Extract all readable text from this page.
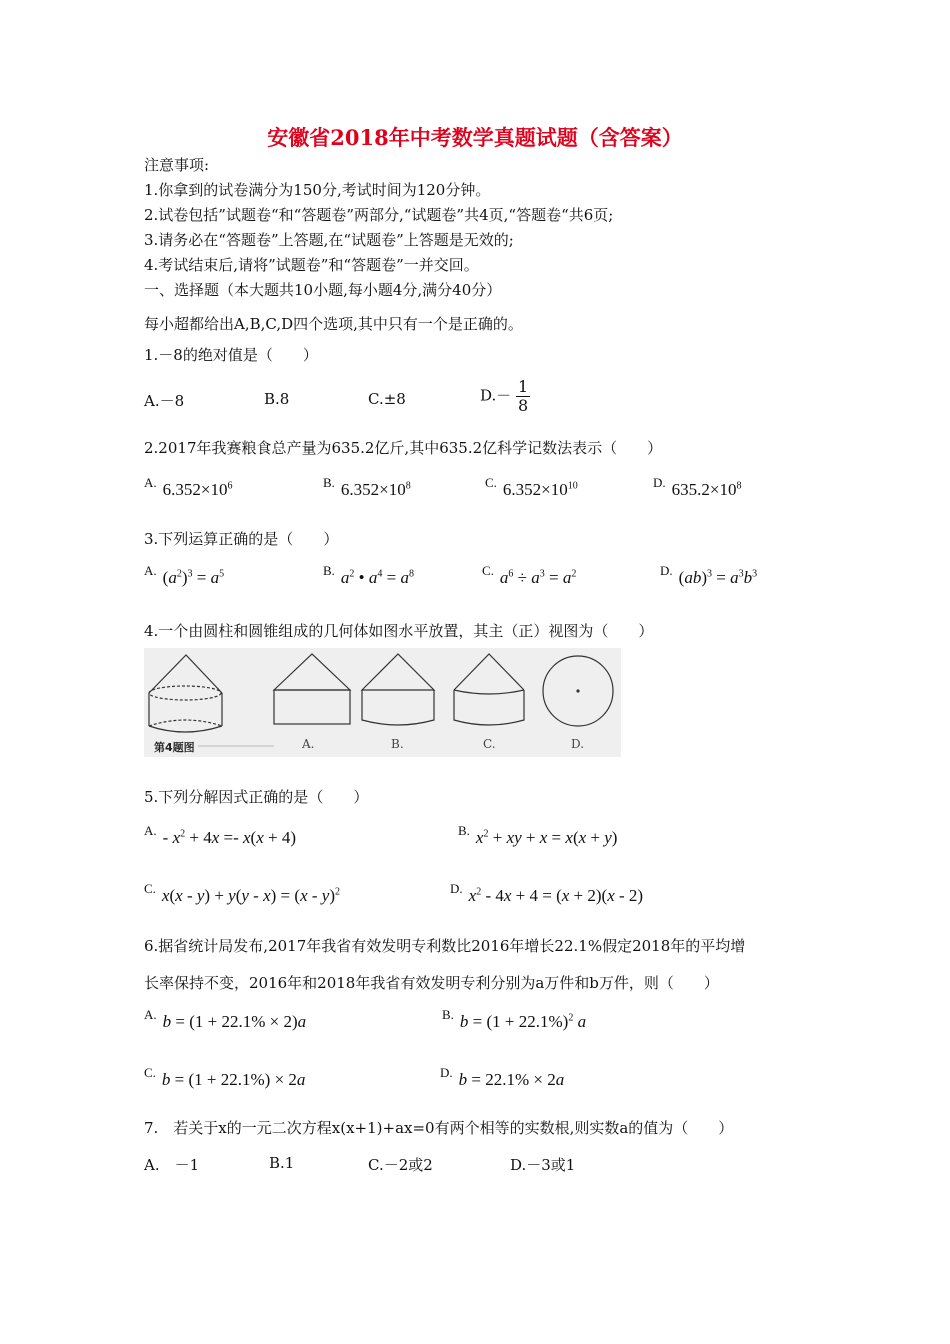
安徽省2018年中考数学真题试题（含答案）
注意事项:
1.你拿到的试卷满分为150分,考试时间为120分钟。
2.试卷包括”试题卷“和“答题卷”两部分,“试题卷”共4页,“答题卷“共6页;
3.请务必在“答题卷”上答题,在“试题卷”上答题是无效的;
4.考试结束后,请将”试题卷”和“答题卷”一并交回。
一、选择题（本大题共10小题,每小题4分,满分40分）
每小超都给出A,B,C,D四个选项,其中只有一个是正确的。
1.－8的绝对值是（　　）
A.－8	B.8	C.±8	$D.- \frac{1}{8}$
2.2017年我赛粮食总产量为635.2亿斤,其中635.2亿科学记数法表示（　　）
$^{A.}$ $6.352\times 10^6$	$^{B.}$ $6.352\times 10^8$	$^{C.}$ $6.352\times 10^{10}$	$^{D.}$ $635.2\times 10^8$
3.下列运算正确的是（　　）
$^{A.}$ $(a^2)^3 = a^5$	$^{B.}$ $a^2$ • $a^4 = a^8$	$^{C.}$ $a^6 \div a^3 = a^2$	$^{D.}$ $(ab)^3 = a^3b^3$
4.一个由圆柱和圆锥组成的几何体如图水平放置，其主（正）视图为（　　）
第4题图	A.	B.	C.	D.
5.下列分解因式正确的是（　　）
$^{A.} - x^2 + 4x =- x(x + 4)$	$^{B.}$ $x^2$ + xy + x = x(x + y)
$^{C.}$ x(x - y) + y(y - x) = (x - y)$^2$	$^{D.}$ $x^2 - 4x + 4 = (x + 2)(x - 2)$
6.据省统计局发布,2017年我省有效发明专利数比2016年增长22.1%假定2018年的平均增
长率保持不变，2016年和2018年我省有效发明专利分别为a万件和b万件，则（　　）
$^{A.}$ b = (1 + 22.1% × 2)a	$^{B.}$ $b = (1 + 22.1\%)^2$ a
$^{C.}$ b = (1 + 22.1%) × 2a	$^{D.}$ b = 22.1% × 2a
7.　若关于x的一元二次方程x(x+1)+ax=0有两个相等的实数根,则实数a的值为（　　）
A.　－1	B.1	C.－2或2	D.－3或1
